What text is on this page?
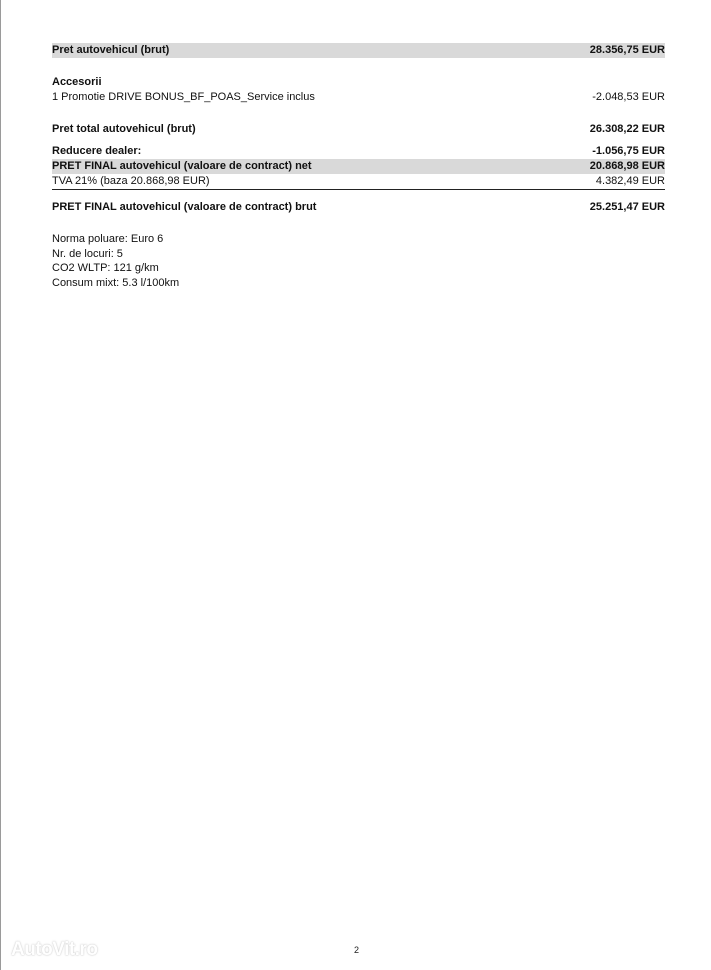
Pret autovehicul (brut)	28.356,75 EUR
Accesorii
1 Promotie DRIVE BONUS_BF_POAS_Service inclus	-2.048,53 EUR
Pret total autovehicul (brut)	26.308,22 EUR
Reducere dealer:	-1.056,75 EUR
PRET FINAL autovehicul (valoare de contract) net	20.868,98 EUR
TVA 21% (baza 20.868,98 EUR)	4.382,49 EUR
PRET FINAL autovehicul (valoare de contract) brut	25.251,47 EUR
Norma poluare: Euro 6
Nr. de locuri: 5
CO2 WLTP: 121 g/km
Consum mixt: 5.3 l/100km
AutoVit.ro	2
